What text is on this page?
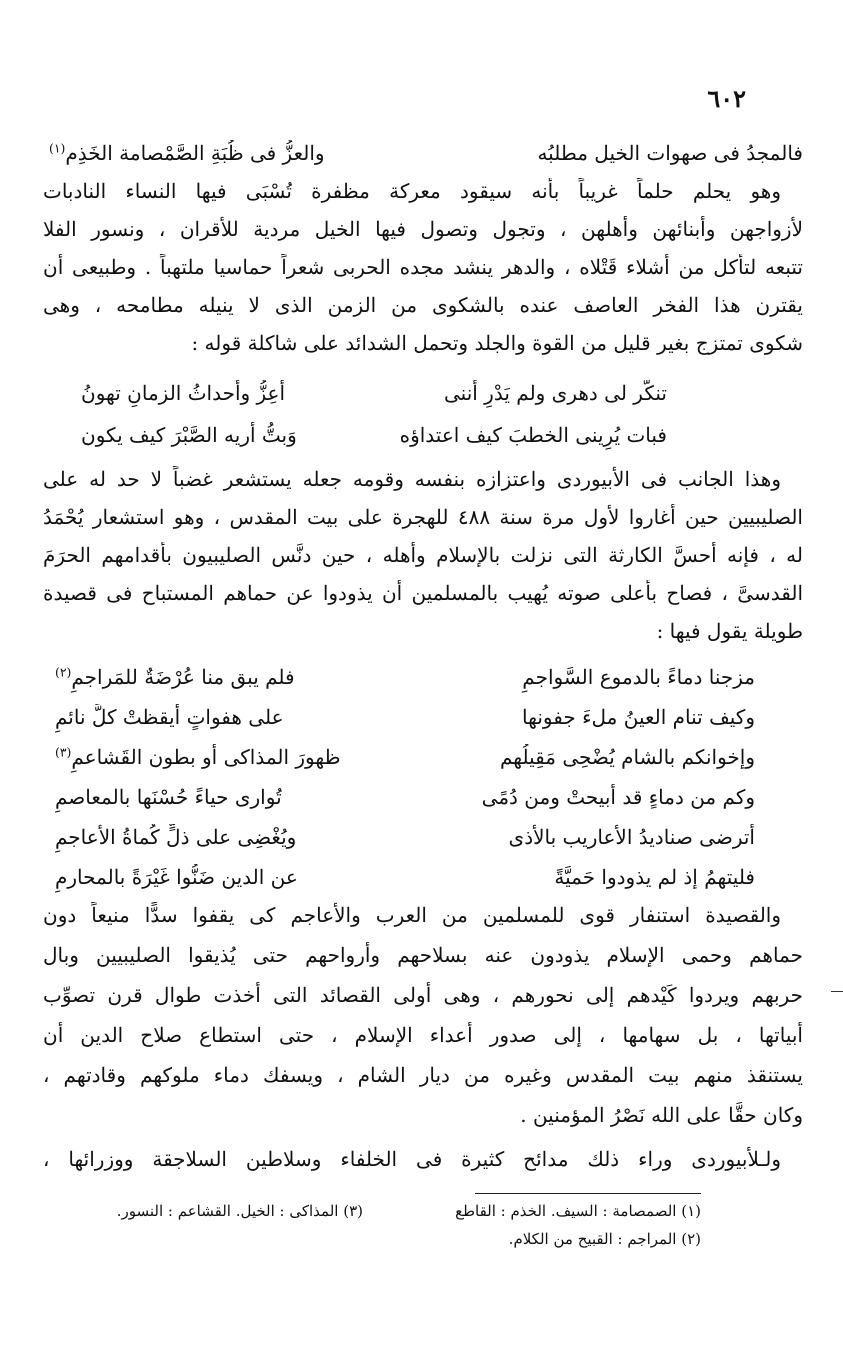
٦٠٢
فالمجدُ فى صهوات الخيل مطلبُه
والعزُّ فى ظُبَةِ الصَّمْصامة الخَذِم$^{(١)}$
وهو يحلم حلماً غريباً بأنه سيقود معركة مظفرة تُسْبَى فيها النساء النادبات
لأزواجهن وأبنائهن وأهلهن ، وتجول وتصول فيها الخيل مردية للأقران ، ونسور الفلا
تتبعه لتأكل من أشلاء قَتْلاه ، والدهر ينشد مجده الحربى شعراً حماسيا ملتهباً . وطبيعى أن
يقترن هذا الفخر العاصف عنده بالشكوى من الزمن الذى لا ينيله مطامحه ، وهى
شكوى تمتزج بغير قليل من القوة والجلد وتحمل الشدائد على شاكلة قوله :
تنكَّر لى دهرى ولم يَدْرِ أننى
أعِزُّ وأحداثُ الزمانِ تهونُ
فبات يُرِينى الخطبَ كيف اعتداؤه
وَبتُّ أُريه الصَّبْرَ كيف يكون
وهذا الجانب فى الأبيوردى واعتزازه بنفسه وقومه جعله يستشعر غضباً لا حد له على
الصليبيين حين أغاروا لأول مرة سنة ٤٨٨ للهجرة على بيت المقدس ، وهو استشعار يُحْمَدُ
له ، فإنه أحسَّ الكارثة التى نزلت بالإسلام وأهله ، حين دنَّس الصليبيون بأقدامهم الحرَمَ
القدسىَّ ، فصاح بأعلى صوته يُهيب بالمسلمين أن يذودوا عن حماهم المستباح فى قصيدة
طويلة يقول فيها :
مزجنا دماءً بالدموع السَّواجمِ
فلم يبق منا عُرْضَةٌ للمَراجمِ$^{(٢)}$
وكيف تنام العينُ ملءَ جفونها
على هفواتٍ أيقظتْ كلَّ نائمِ
وإخوانكم بالشام يُضْحِى مَقِيلُهم
ظهورَ المذاكى أو بطون القَشاعمِ$^{(٣)}$
وكم من دماءٍ قد أُبيحتْ ومن دُمًى
تُوارى حياءً حُسْنَها بالمعاصمِ
أَترضى صناديدُ الأعاريب بالأذى
ويُغْضِى على ذلٍّ كُماةُ الأعاجمِ
فليتهمُ إذ لم يذودوا حَميَّةً
عن الدين ضَنُّوا غَيْرَةً بالمحارمِ
والقصيدة استنفار قوى للمسلمين من العرب والأعاجم كى يقفوا سدًّا منيعاً دون
حماهم وحمى الإسلام يذودون عنه بسلاحهم وأرواحهم حتى يُذيقوا الصليبيين وبال
حربهم ويردوا كَيْدهم إلى نحورهم ، وهى أولى القصائد التى أخذت طوال قرن تصوِّب
أبياتها ، بل سهامها ، إلى صدور أعداء الإسلام ، حتى استطاع صلاح الدين أن
يستنقذ منهم بيت المقدس وغيره من ديار الشام ، ويسفك دماء ملوكهم وقادتهم ،
وكان حقًّا على الله نَصْرُ المؤمنين .
ولـلأبيوردى وراء ذلك مدائح كثيرة فى الخلفاء وسلاطين السلاجقة ووزرائها ،
(١) الصمصامة : السيف. الخذم : القاطع
(٣) المذاكى : الخيل. القشاعم : النسور.
(٢) المراجم : القبيح من الكلام.
